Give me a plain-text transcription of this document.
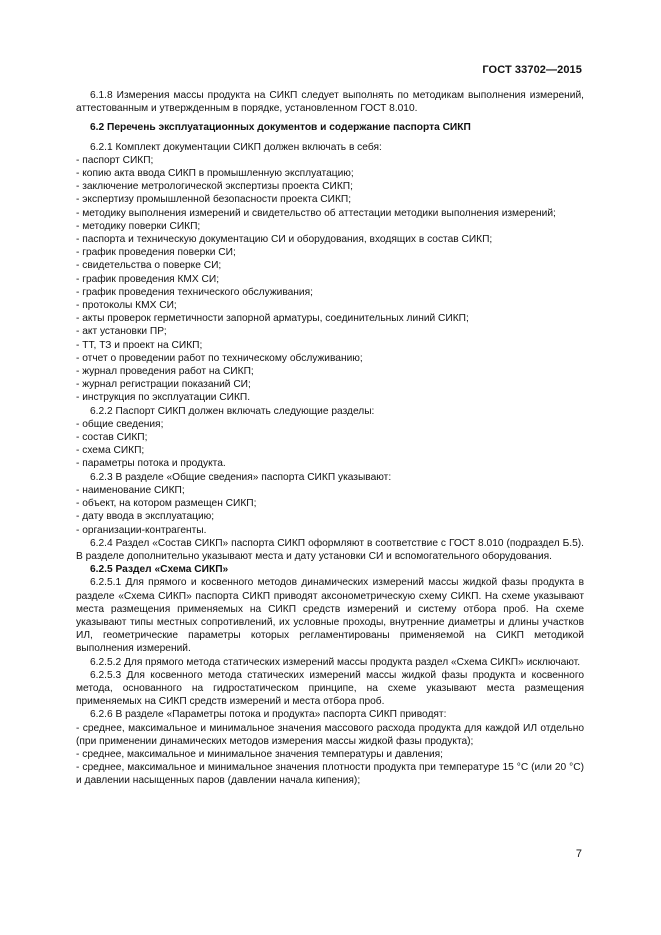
ГОСТ 33702—2015

6.1.8 Измерения массы продукта на СИКП следует выполнять по методикам выполнения измерений, аттестованным и утвержденным в порядке, установленном ГОСТ 8.010.

6.2 Перечень эксплуатационных документов и содержание паспорта СИКП

6.2.1 Комплект документации СИКП должен включать в себя:

- паспорт СИКП;

- копию акта ввода СИКП в промышленную эксплуатацию;

- заключение метрологической экспертизы проекта СИКП;

- экспертизу промышленной безопасности проекта СИКП;

- методику выполнения измерений и свидетельство об аттестации методики выполнения измерений;

- методику поверки СИКП;

- паспорта и техническую документацию СИ и оборудования, входящих в состав СИКП;

- график проведения поверки СИ;

- свидетельства о поверке СИ;

- график проведения КМХ СИ;

- график проведения технического обслуживания;

- протоколы КМХ СИ;

- акты проверок герметичности запорной арматуры, соединительных линий СИКП;

- акт установки ПР;

- ТТ, ТЗ и проект на СИКП;

- отчет о проведении работ по техническому обслуживанию;

- журнал проведения работ на СИКП;

- журнал регистрации показаний СИ;

- инструкция по эксплуатации СИКП.

6.2.2 Паспорт СИКП должен включать следующие разделы:

- общие сведения;

- состав СИКП;

- схема СИКП;

- параметры потока и продукта.

6.2.3 В разделе «Общие сведения» паспорта СИКП указывают:

- наименование СИКП;

- объект, на котором размещен СИКП;

- дату ввода в эксплуатацию;

- организации-контрагенты.

6.2.4 Раздел «Состав СИКП» паспорта СИКП оформляют в соответствие с ГОСТ 8.010 (подраздел Б.5). В разделе дополнительно указывают места и дату установки СИ и вспомогательного оборудования.

6.2.5 Раздел «Схема СИКП»

6.2.5.1 Для прямого и косвенного методов динамических измерений массы жидкой фазы продукта в разделе «Схема СИКП» паспорта СИКП приводят аксонометрическую схему СИКП. На схеме указывают места размещения применяемых на СИКП средств измерений и систему отбора проб. На схеме указывают типы местных сопротивлений, их условные проходы, внутренние диаметры и длины участков ИЛ, геометрические параметры которых регламентированы применяемой на СИКП методикой выполнения измерений.

6.2.5.2 Для прямого метода статических измерений массы продукта раздел «Схема СИКП» исключают.

6.2.5.3 Для косвенного метода статических измерений массы жидкой фазы продукта и косвенного метода, основанного на гидростатическом принципе, на схеме указывают места размещения применяемых на СИКП средств измерений и места отбора проб.

6.2.6 В разделе «Параметры потока и продукта» паспорта СИКП приводят:

- среднее, максимальное и минимальное значения массового расхода продукта для каждой ИЛ отдельно (при применении динамических методов измерения массы жидкой фазы продукта);

- среднее, максимальное и минимальное значения температуры и давления;

- среднее, максимальное и минимальное значения плотности продукта при температуре 15 °С (или 20 °С) и давлении насыщенных паров (давлении начала кипения);

7
